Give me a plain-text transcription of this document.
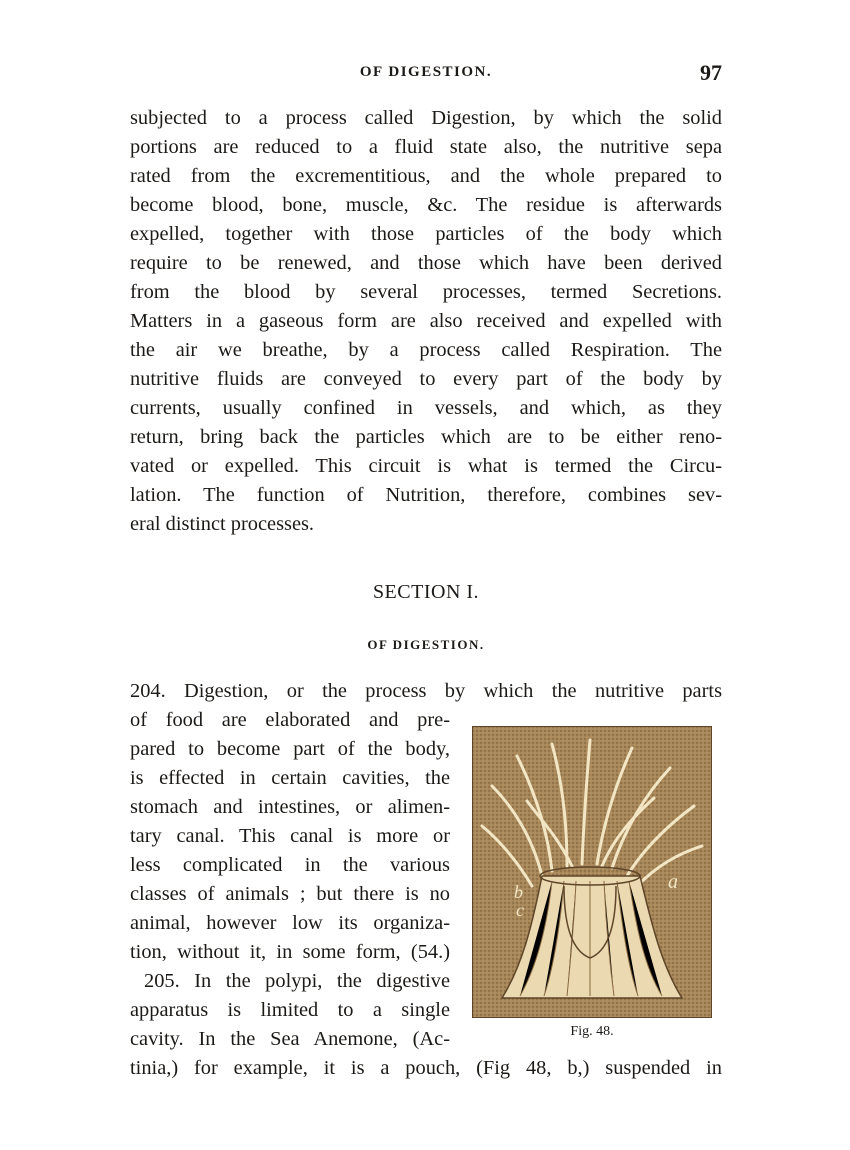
OF DIGESTION.	97
subjected to a process called Digestion, by which the solid
portions are reduced to a fluid state also, the nutritive sepa
rated from the excrementitious, and the whole prepared to
become blood, bone, muscle, &c. The residue is afterwards
expelled, together with those particles of the body which
require to be renewed, and those which have been derived
from the blood by several processes, termed Secretions.
Matters in a gaseous form are also received and expelled with
the air we breathe, by a process called Respiration. The
nutritive fluids are conveyed to every part of the body by
currents, usually confined in vessels, and which, as they
return, bring back the particles which are to be either reno-
vated or expelled. This circuit is what is termed the Circu-
lation. The function of Nutrition, therefore, combines sev-
eral distinct processes.
SECTION I.
OF DIGESTION.
204. Digestion, or the process by which the nutritive parts
of food are elaborated and pre-
pared to become part of the body,
is effected in certain cavities, the
stomach and intestines, or alimen-
tary canal. This canal is more or
less complicated in the various
classes of animals ; but there is no
animal, however low its organiza-
tion, without it, in some form, (54.)
205. In the polypi, the digestive
apparatus is limited to a single
cavity. In the Sea Anemone, (Ac-
tinia,) for example, it is a pouch, (Fig 48, b,) suspended in
b
c
a
Fig. 48.
